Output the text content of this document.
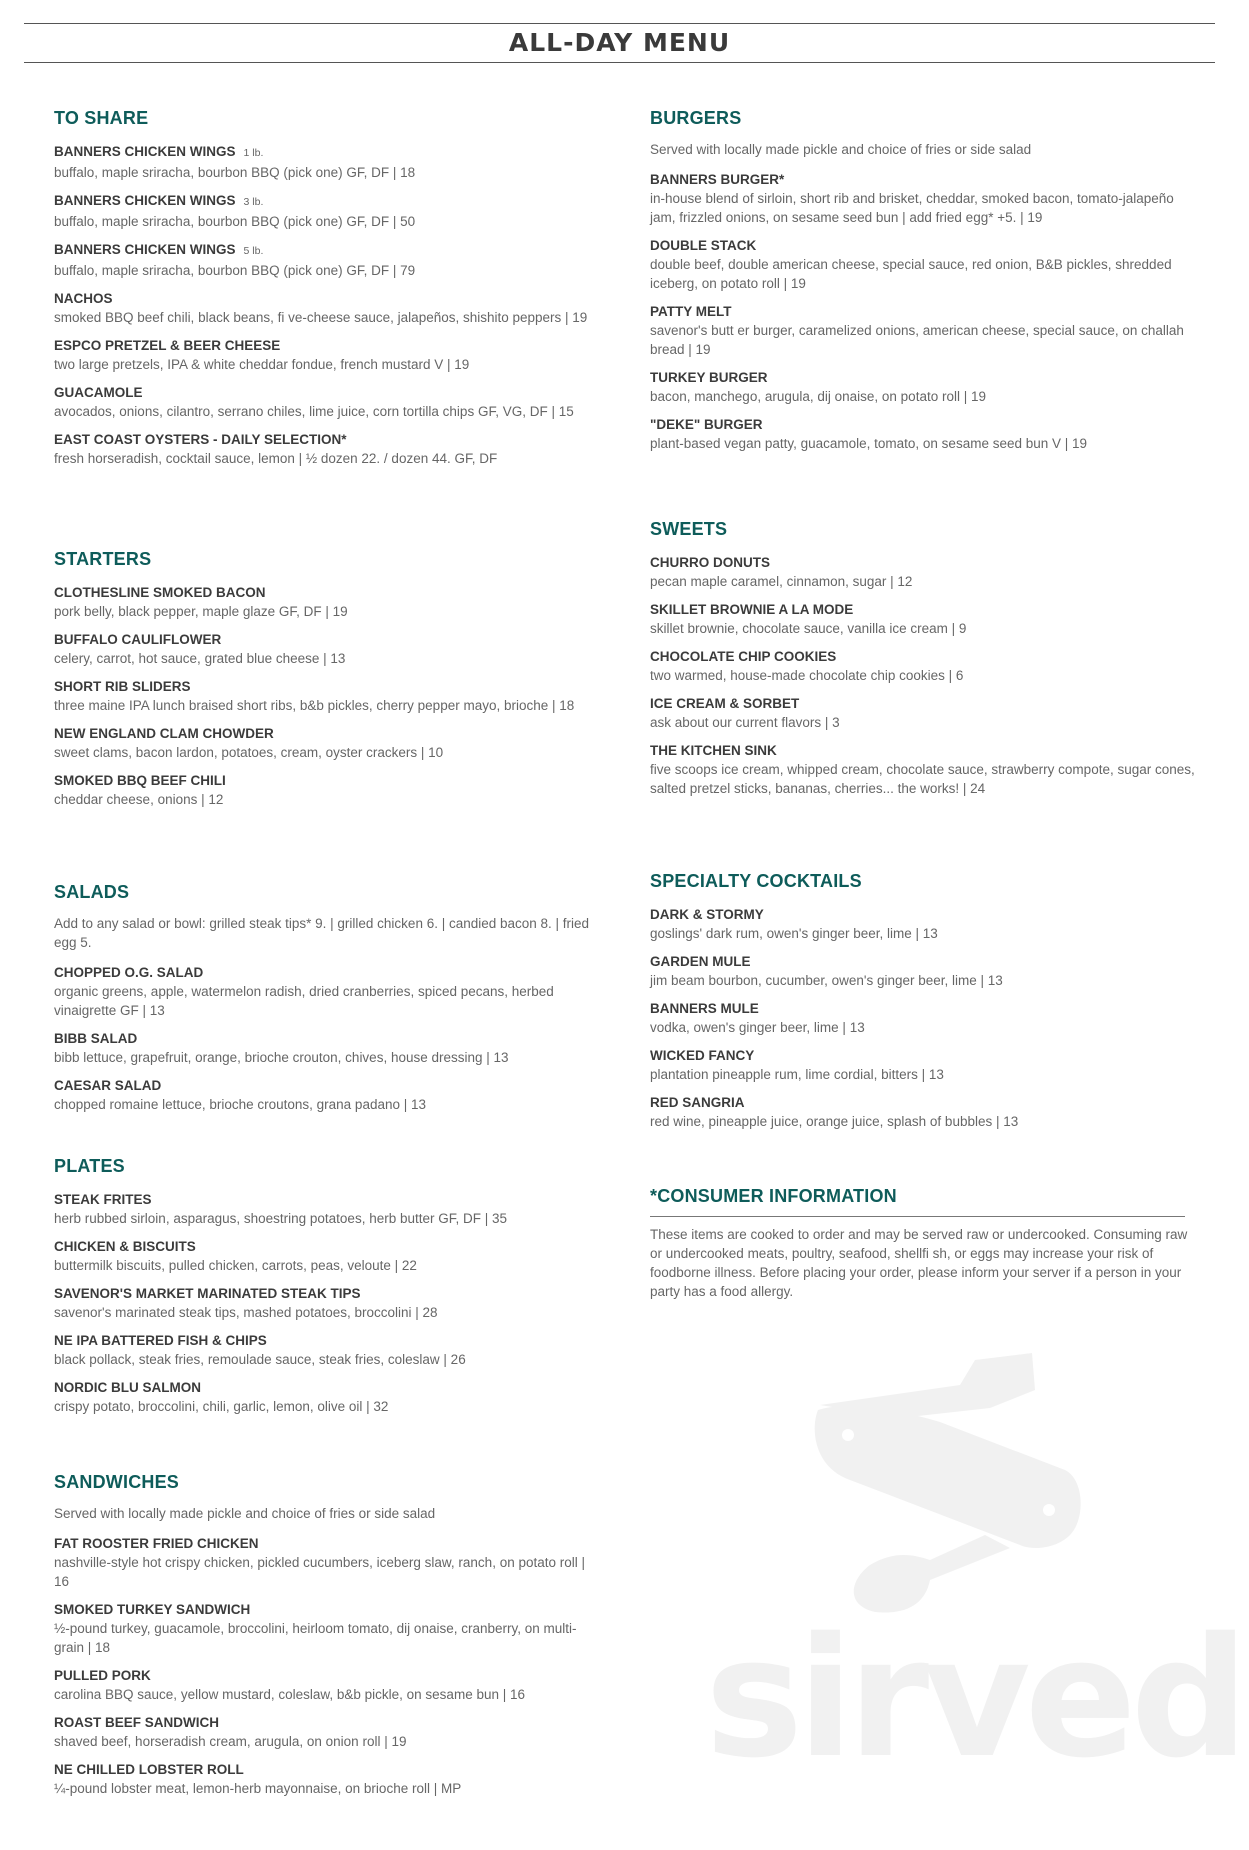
ALL-DAY MENU
TO SHARE
BANNERS CHICKEN WINGS 1 lb.
buffalo, maple sriracha, bourbon BBQ (pick one) GF, DF | 18
BANNERS CHICKEN WINGS 3 lb.
buffalo, maple sriracha, bourbon BBQ (pick one) GF, DF | 50
BANNERS CHICKEN WINGS 5 lb.
buffalo, maple sriracha, bourbon BBQ (pick one) GF, DF | 79
NACHOS
smoked BBQ beef chili, black beans, fi ve-cheese sauce, jalapeños, shishito peppers | 19
ESPCO PRETZEL & BEER CHEESE
two large pretzels, IPA & white cheddar fondue, french mustard V | 19
GUACAMOLE
avocados, onions, cilantro, serrano chiles, lime juice, corn tortilla chips GF, VG, DF | 15
EAST COAST OYSTERS - DAILY SELECTION*
fresh horseradish, cocktail sauce, lemon | ½ dozen 22. / dozen 44. GF, DF
STARTERS
CLOTHESLINE SMOKED BACON
pork belly, black pepper, maple glaze GF, DF | 19
BUFFALO CAULIFLOWER
celery, carrot, hot sauce, grated blue cheese | 13
SHORT RIB SLIDERS
three maine IPA lunch braised short ribs, b&b pickles, cherry pepper mayo, brioche | 18
NEW ENGLAND CLAM CHOWDER
sweet clams, bacon lardon, potatoes, cream, oyster crackers | 10
SMOKED BBQ BEEF CHILI
cheddar cheese, onions | 12
SALADS
Add to any salad or bowl: grilled steak tips* 9. | grilled chicken 6. | candied bacon 8. | fried egg 5.
CHOPPED O.G. SALAD
organic greens, apple, watermelon radish, dried cranberries, spiced pecans, herbed vinaigrette GF | 13
BIBB SALAD
bibb lettuce, grapefruit, orange, brioche crouton, chives, house dressing | 13
CAESAR SALAD
chopped romaine lettuce, brioche croutons, grana padano | 13
PLATES
STEAK FRITES
herb rubbed sirloin, asparagus, shoestring potatoes, herb butter GF, DF | 35
CHICKEN & BISCUITS
buttermilk biscuits, pulled chicken, carrots, peas, veloute | 22
SAVENOR'S MARKET MARINATED STEAK TIPS
savenor's marinated steak tips, mashed potatoes, broccolini | 28
NE IPA BATTERED FISH & CHIPS
black pollack, steak fries, remoulade sauce, steak fries, coleslaw | 26
NORDIC BLU SALMON
crispy potato, broccolini, chili, garlic, lemon, olive oil | 32
SANDWICHES
Served with locally made pickle and choice of fries or side salad
FAT ROOSTER FRIED CHICKEN
nashville-style hot crispy chicken, pickled cucumbers, iceberg slaw, ranch, on potato roll | 16
SMOKED TURKEY SANDWICH
½-pound turkey, guacamole, broccolini, heirloom tomato, dij onaise, cranberry, on multi-grain | 18
PULLED PORK
carolina BBQ sauce, yellow mustard, coleslaw, b&b pickle, on sesame bun | 16
ROAST BEEF SANDWICH
shaved beef, horseradish cream, arugula, on onion roll | 19
NE CHILLED LOBSTER ROLL
¼-pound lobster meat, lemon-herb mayonnaise, on brioche roll | MP
BURGERS
Served with locally made pickle and choice of fries or side salad
BANNERS BURGER*
in-house blend of sirloin, short rib and brisket, cheddar, smoked bacon, tomato-jalapeño jam, frizzled onions, on sesame seed bun | add fried egg* +5. | 19
DOUBLE STACK
double beef, double american cheese, special sauce, red onion, B&B pickles, shredded iceberg, on potato roll | 19
PATTY MELT
savenor's butt er burger, caramelized onions, american cheese, special sauce, on challah bread | 19
TURKEY BURGER
bacon, manchego, arugula, dij onaise, on potato roll | 19
"DEKE" BURGER
plant-based vegan patty, guacamole, tomato, on sesame seed bun V | 19
SWEETS
CHURRO DONUTS
pecan maple caramel, cinnamon, sugar | 12
SKILLET BROWNIE A LA MODE
skillet brownie, chocolate sauce, vanilla ice cream | 9
CHOCOLATE CHIP COOKIES
two warmed, house-made chocolate chip cookies | 6
ICE CREAM & SORBET
ask about our current flavors | 3
THE KITCHEN SINK
five scoops ice cream, whipped cream, chocolate sauce, strawberry compote, sugar cones, salted pretzel sticks, bananas, cherries... the works! | 24
SPECIALTY COCKTAILS
DARK & STORMY
goslings' dark rum, owen's ginger beer, lime | 13
GARDEN MULE
jim beam bourbon, cucumber, owen's ginger beer, lime | 13
BANNERS MULE
vodka, owen's ginger beer, lime | 13
WICKED FANCY
plantation pineapple rum, lime cordial, bitters | 13
RED SANGRIA
red wine, pineapple juice, orange juice, splash of bubbles | 13
*CONSUMER INFORMATION
These items are cooked to order and may be served raw or undercooked. Consuming raw or undercooked meats, poultry, seafood, shellfi sh, or eggs may increase your risk of foodborne illness. Before placing your order, please inform your server if a person in your party has a food allergy.
sirved
